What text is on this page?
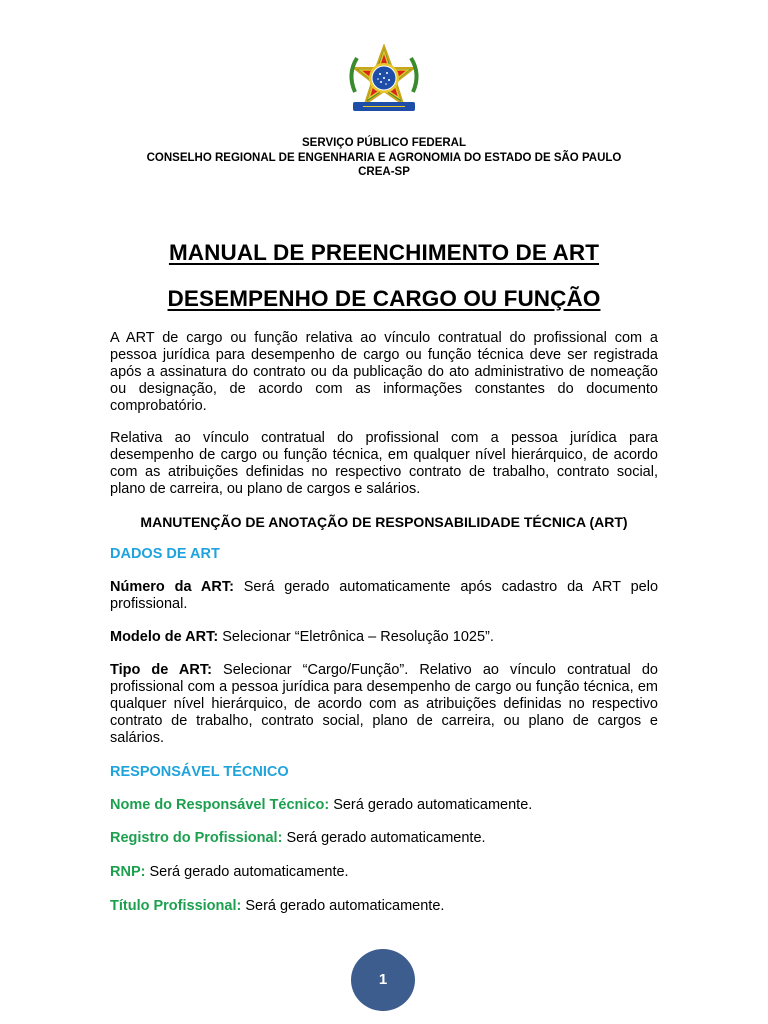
SERVIÇO PÚBLICO FEDERAL
CONSELHO REGIONAL DE ENGENHARIA E AGRONOMIA DO ESTADO DE SÃO PAULO
CREA-SP
MANUAL DE PREENCHIMENTO DE ART
DESEMPENHO DE CARGO OU FUNÇÃO
A ART de cargo ou função relativa ao vínculo contratual do profissional com a pessoa jurídica para desempenho de cargo ou função técnica deve ser registrada após a assinatura do contrato ou da publicação do ato administrativo de nomeação ou designação, de acordo com as informações constantes do documento comprobatório.
Relativa ao vínculo contratual do profissional com a pessoa jurídica para desempenho de cargo ou função técnica, em qualquer nível hierárquico, de acordo com as atribuições definidas no respectivo contrato de trabalho, contrato social, plano de carreira, ou plano de cargos e salários.
MANUTENÇÃO DE ANOTAÇÃO DE RESPONSABILIDADE TÉCNICA (ART)
DADOS DE ART
Número da ART: Será gerado automaticamente após cadastro da ART pelo profissional.
Modelo de ART: Selecionar “Eletrônica – Resolução 1025”.
Tipo de ART: Selecionar “Cargo/Função”. Relativo ao vínculo contratual do profissional com a pessoa jurídica para desempenho de cargo ou função técnica, em qualquer nível hierárquico, de acordo com as atribuições definidas no respectivo contrato de trabalho, contrato social, plano de carreira, ou plano de cargos e salários.
RESPONSÁVEL TÉCNICO
Nome do Responsável Técnico: Será gerado automaticamente.
Registro do Profissional: Será gerado automaticamente.
RNP: Será gerado automaticamente.
Título Profissional: Será gerado automaticamente.
1
